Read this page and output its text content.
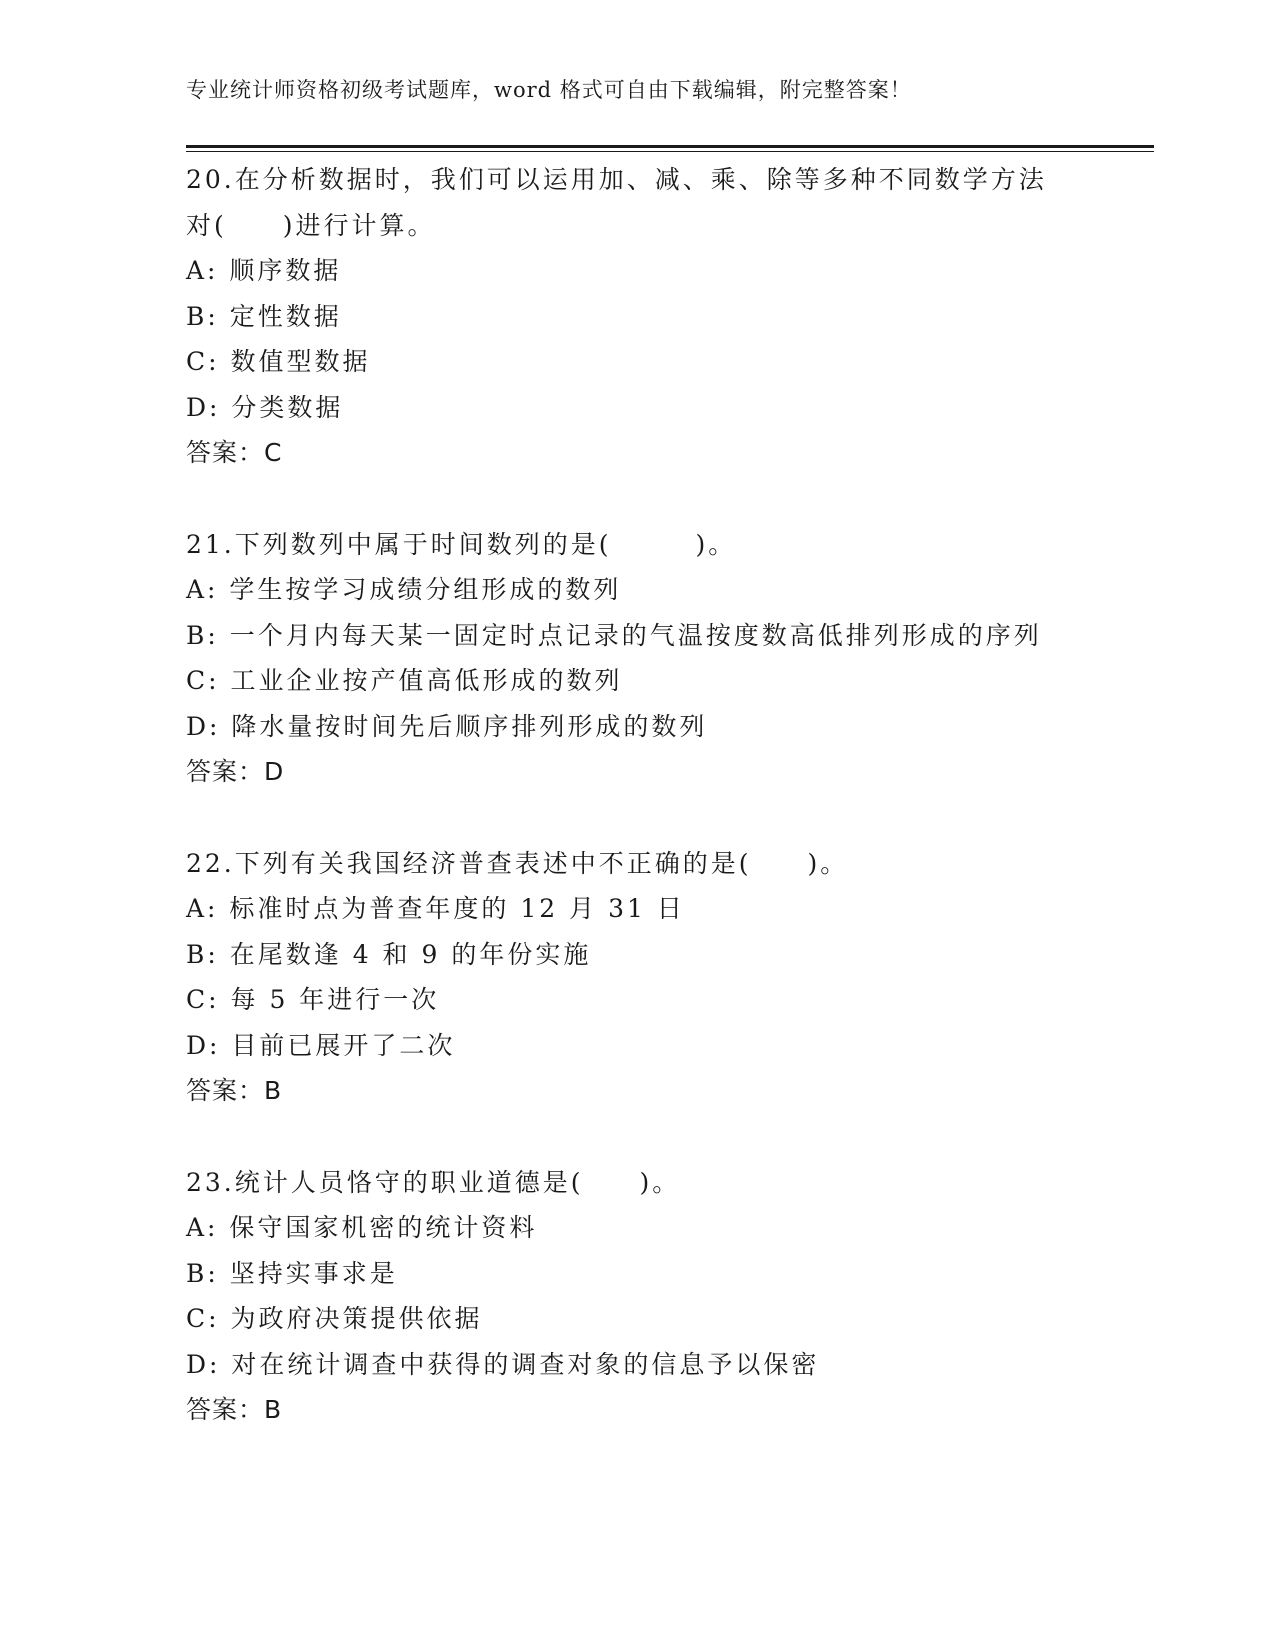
专业统计师资格初级考试题库，word 格式可自由下载编辑，附完整答案！
20.在分析数据时，我们可以运用加、减、乘、除等多种不同数学方法
对(　　)进行计算。
A: 顺序数据
B: 定性数据
C: 数值型数据
D: 分类数据
答案：C
21.下列数列中属于时间数列的是(　　　)。
A: 学生按学习成绩分组形成的数列
B: 一个月内每天某一固定时点记录的气温按度数高低排列形成的序列
C: 工业企业按产值高低形成的数列
D: 降水量按时间先后顺序排列形成的数列
答案：D
22.下列有关我国经济普查表述中不正确的是(　　)。
A: 标准时点为普查年度的 12 月 31 日
B: 在尾数逢 4 和 9 的年份实施
C: 每 5 年进行一次
D: 目前已展开了二次
答案：B
23.统计人员恪守的职业道德是(　　)。
A: 保守国家机密的统计资料
B: 坚持实事求是
C: 为政府决策提供依据
D: 对在统计调查中获得的调查对象的信息予以保密
答案：B
